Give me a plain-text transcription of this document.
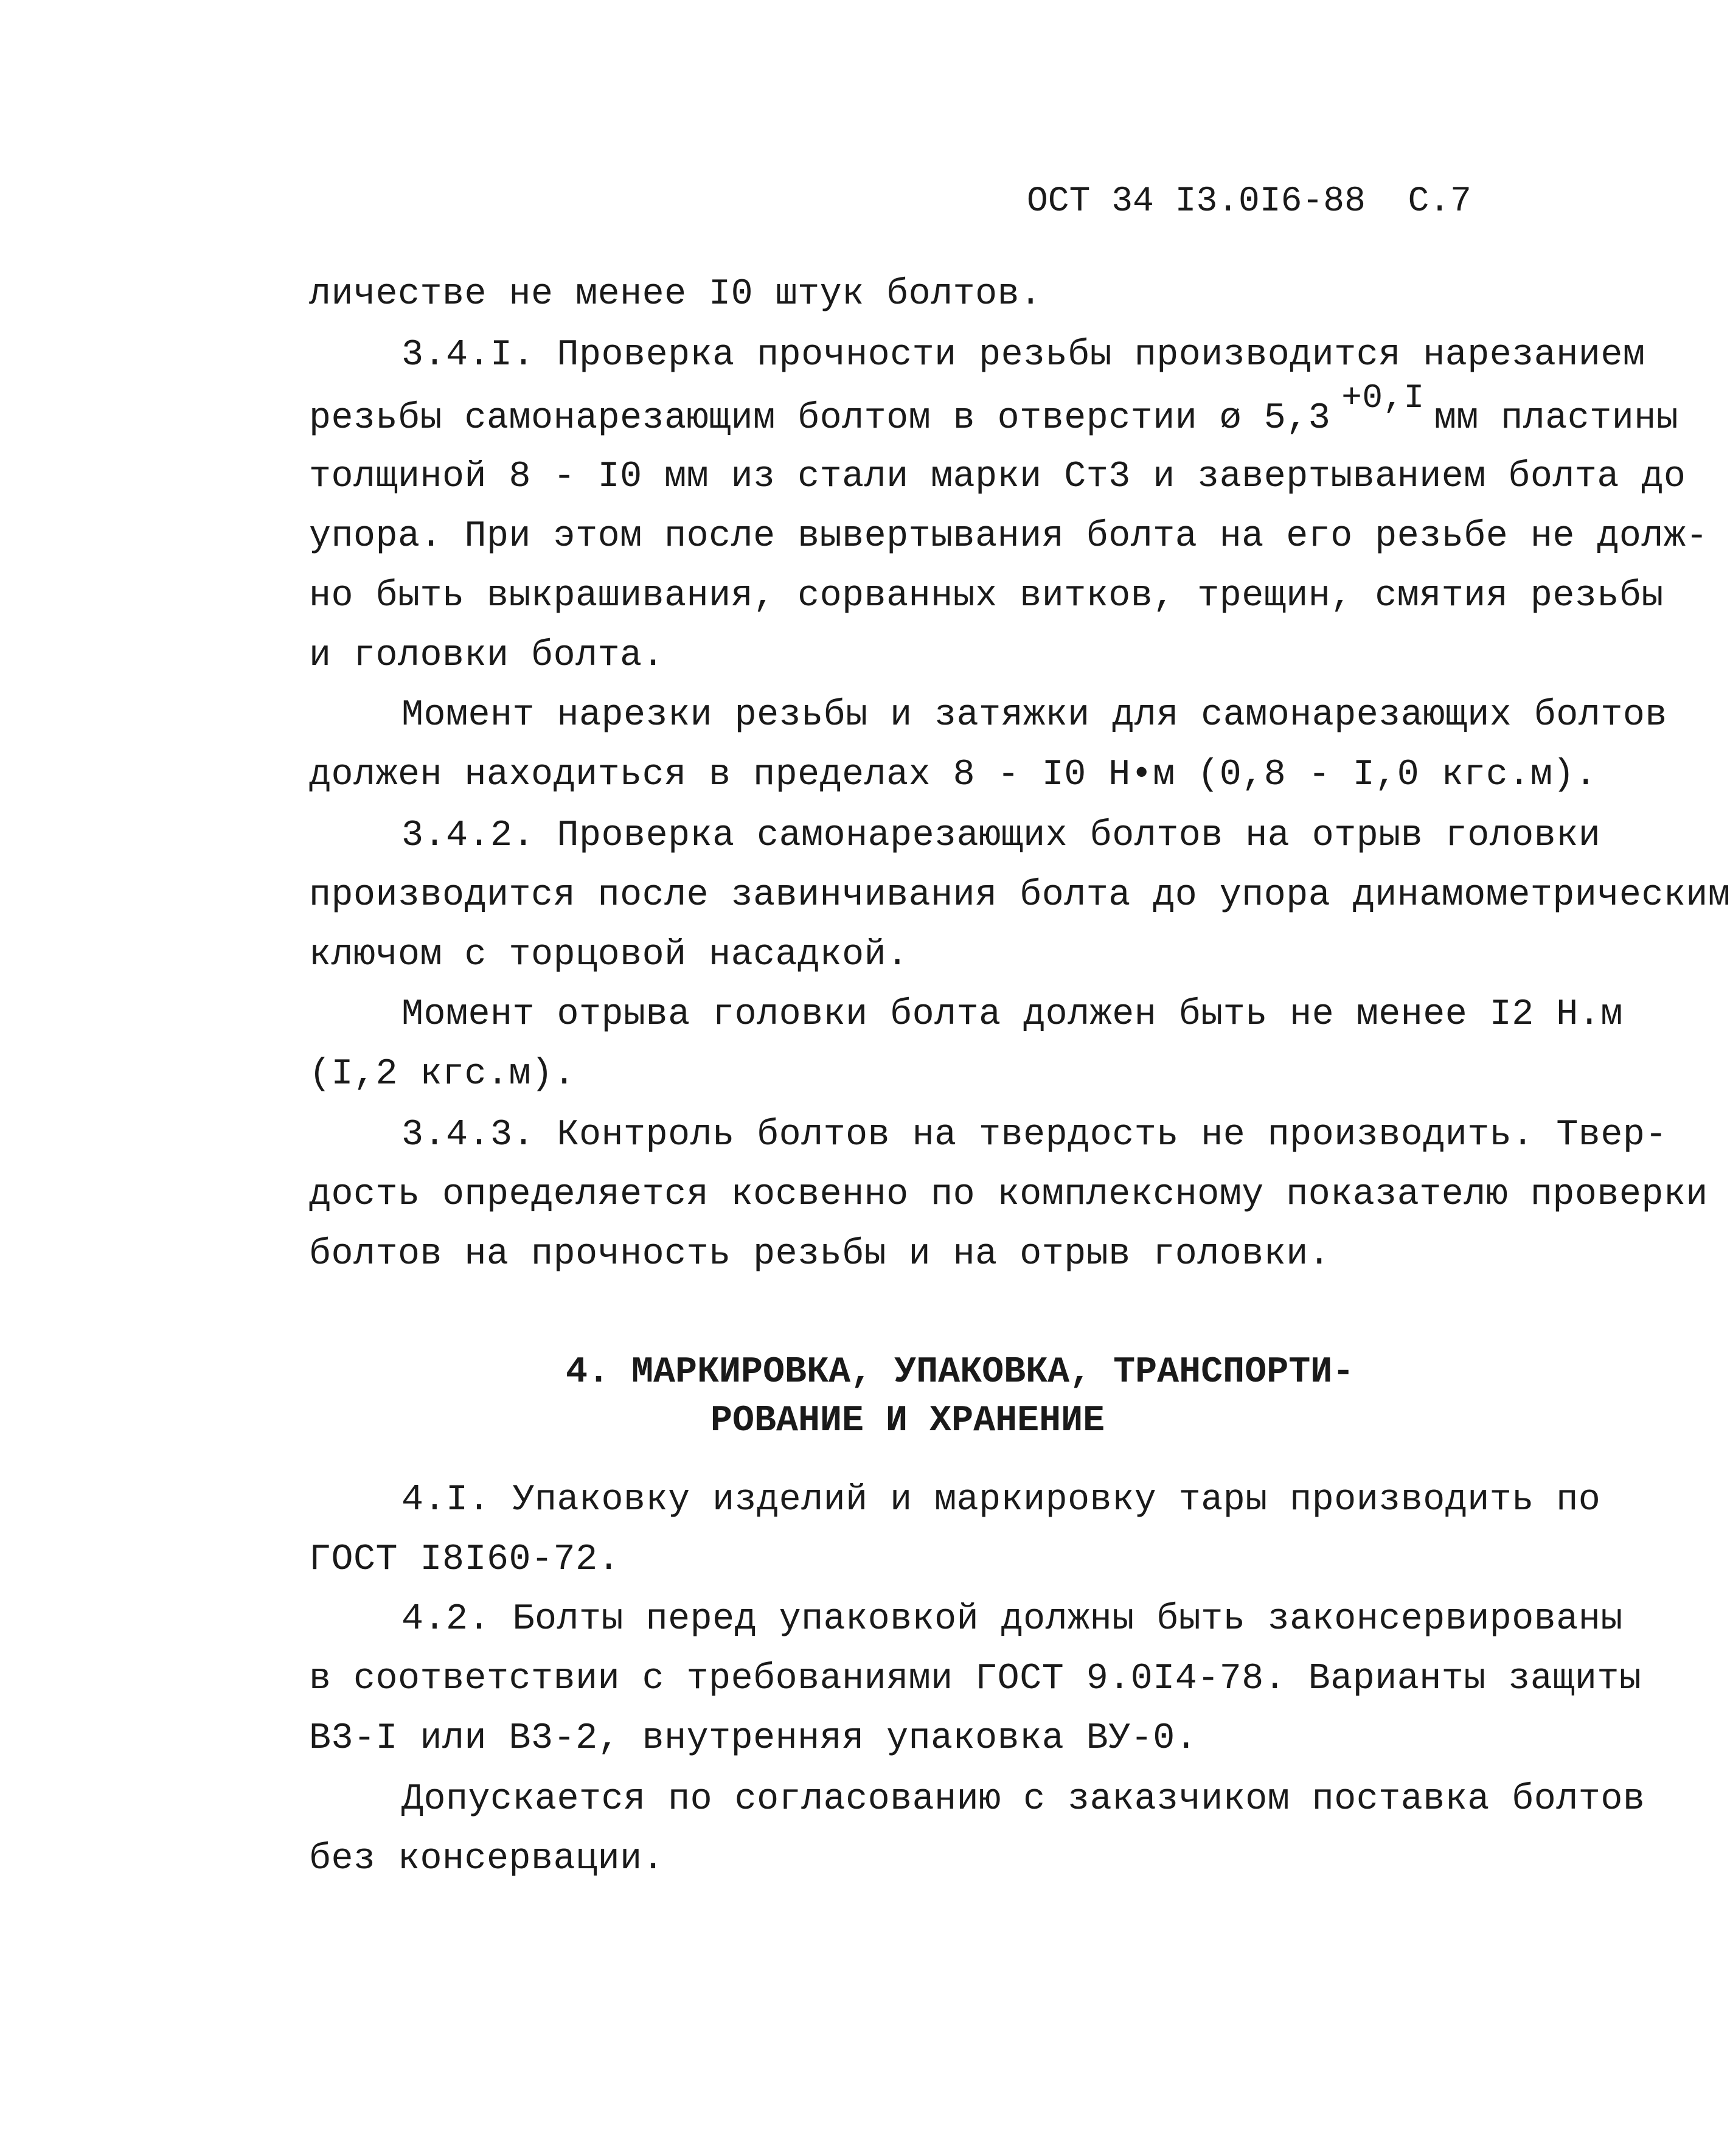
ОСТ 34 I3.0I6-88  С.7
личестве не менее I0 штук болтов.
3.4.I. Проверка прочности резьбы производится нарезанием
резьбы самонарезающим болтом в отверстии ø 5,3 +0,I мм пластины
толщиной 8 - I0 мм из стали марки Ст3 и завертыванием болта до
упора. При этом после вывертывания болта на его резьбе не долж-
но быть выкрашивания, сорванных витков, трещин, смятия резьбы
и головки болта.
Момент нарезки резьбы и затяжки для самонарезающих болтов
должен находиться в пределах 8 - I0 Н•м (0,8 - I,0 кгс.м).
3.4.2. Проверка самонарезающих болтов на отрыв головки
производится после завинчивания болта до упора динамометрическим
ключом с торцовой насадкой.
Момент отрыва головки болта должен быть не менее I2 Н.м
(I,2 кгс.м).
3.4.3. Контроль болтов на твердость не производить. Твер-
дость определяется косвенно по комплексному показателю проверки
болтов на прочность резьбы и на отрыв головки.
4. МАРКИРОВКА, УПАКОВКА, ТРАНСПОРТИ-
РОВАНИЕ И ХРАНЕНИЕ
4.I. Упаковку изделий и маркировку тары производить по
ГОСТ I8I60-72.
4.2. Болты перед упаковкой должны быть законсервированы
в соответствии с требованиями ГОСТ 9.0I4-78. Варианты защиты
В3-I или В3-2, внутренняя упаковка ВУ-0.
Допускается по согласованию с заказчиком поставка болтов
без консервации.
